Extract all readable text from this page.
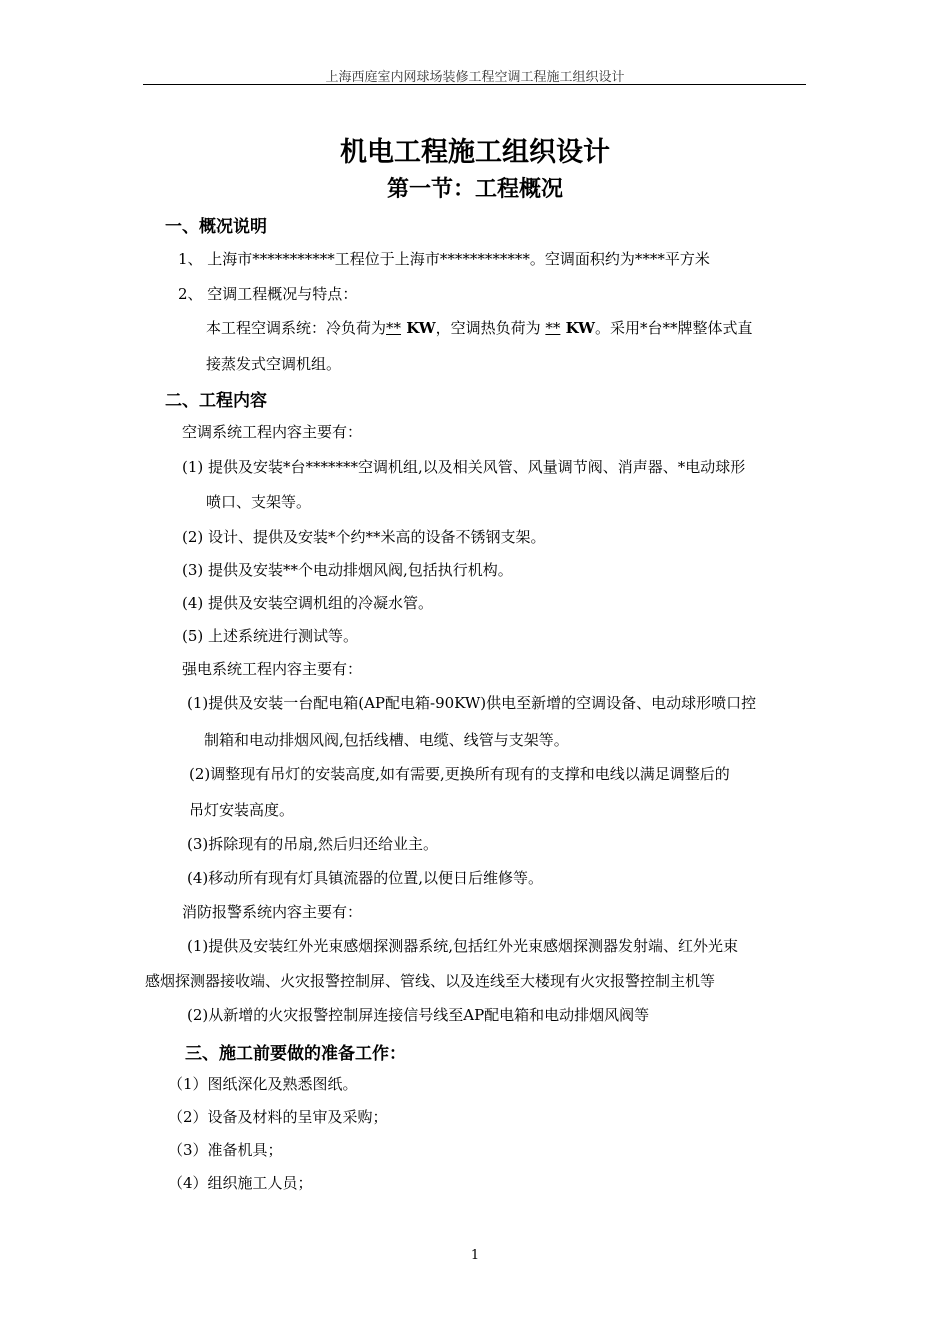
上海西庭室内网球场装修工程空调工程施工组织设计
机电工程施工组织设计
第一节：工程概况
一、概况说明
1、 上海市***********工程位于上海市************。空调面积约为****平方米
2、 空调工程概况与特点：
本工程空调系统：冷负荷为** KW，空调热负荷为 ** KW。采用*台**牌整体式直
接蒸发式空调机组。
二、工程内容
空调系统工程内容主要有：
(1) 提供及安装*台*******空调机组,以及相关风管、风量调节阀、消声器、*电动球形
喷口、支架等。
(2) 设计、提供及安装*个约**米高的设备不锈钢支架。
(3) 提供及安装**个电动排烟风阀,包括执行机构。
(4) 提供及安装空调机组的冷凝水管。
(5) 上述系统进行测试等。
强电系统工程内容主要有：
(1)提供及安装一台配电箱(AP配电箱-90KW)供电至新增的空调设备、电动球形喷口控
制箱和电动排烟风阀,包括线槽、电缆、线管与支架等。
(2)调整现有吊灯的安装高度,如有需要,更换所有现有的支撑和电线以满足调整后的
吊灯安装高度。
(3)拆除现有的吊扇,然后归还给业主。
(4)移动所有现有灯具镇流器的位置,以便日后维修等。
消防报警系统内容主要有：
(1)提供及安装红外光束感烟探测器系统,包括红外光束感烟探测器发射端、红外光束
感烟探测器接收端、火灾报警控制屏、管线、以及连线至大楼现有火灾报警控制主机等
(2)从新增的火灾报警控制屏连接信号线至AP配电箱和电动排烟风阀等
三、施工前要做的准备工作：
（1）图纸深化及熟悉图纸。
（2）设备及材料的呈审及采购；
（3）准备机具；
（4）组织施工人员；
1
